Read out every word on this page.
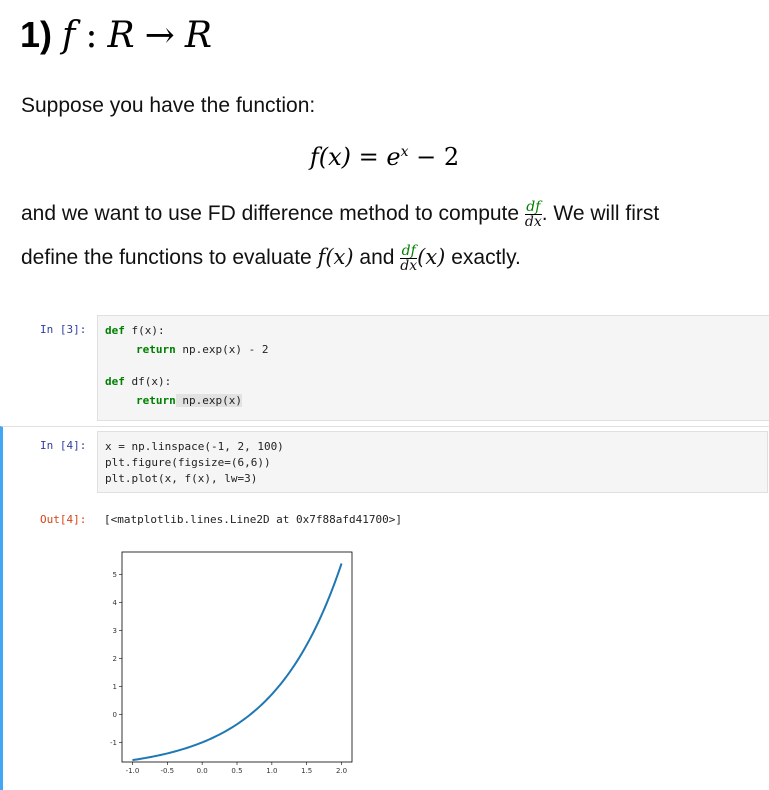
1) f : R → R
Suppose you have the function:
$f(x) = e^x - 2$
and we want to use FD difference method to compute $\frac{df}{dx}$ . We will first
define the functions to evaluate f(x) and $\frac{df}{dx} (x)$ exactly.
In [3]: def f(x):
return np.exp(x) - 2
def df(x):
return np.exp(x)
In [4]: x = np.linspace(-1, 2, 100)
plt.figure(figsize=(6,6))
plt.plot(x, f(x), lw=3)
Out[4]: [<matplotlib.lines.Line2D at 0x7f88afd41700>]
-1.0	-0.5	0.0	0.5	1.0	1.5	2.0
-1
0
1
2
3
4
5
